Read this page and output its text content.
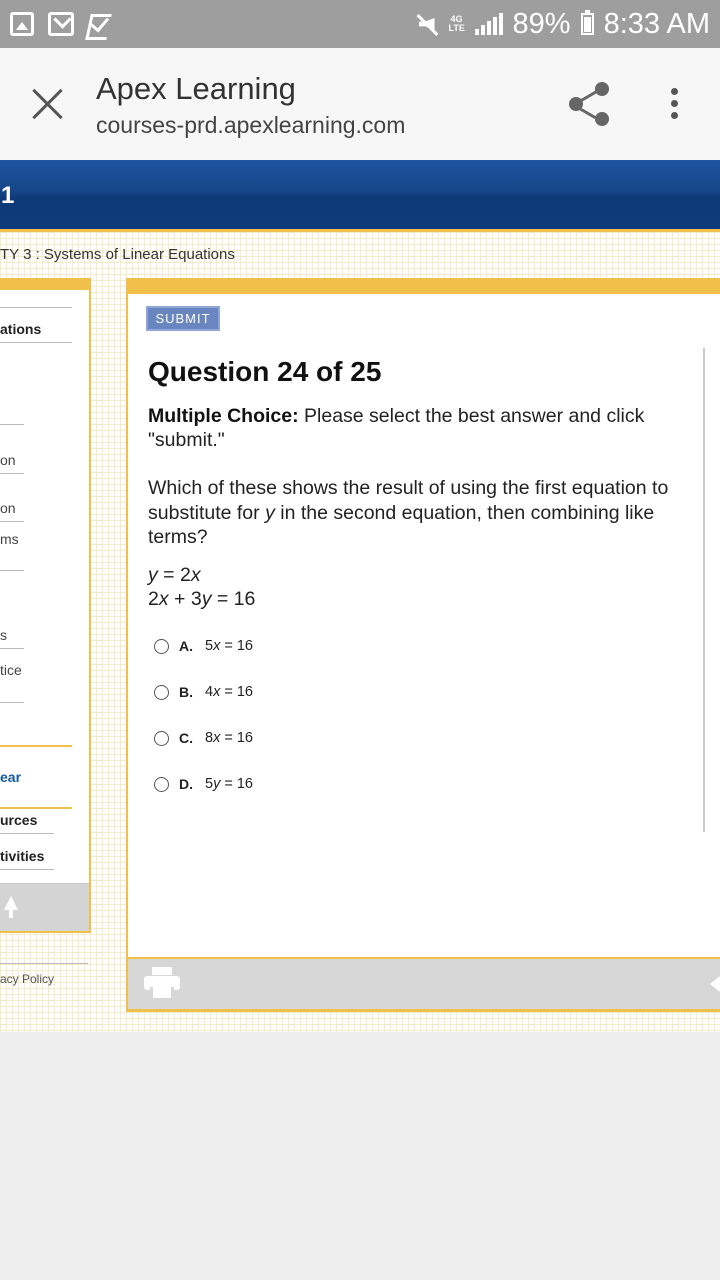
4G LTE 89% 8:33 AM
Apex Learning
courses-prd.apexlearning.com
1
TY 3 : Systems of Linear Equations
ations
on
on
ms
s
tice
ear
urces
tivities
acy Policy
SUBMIT
Question 24 of 25
Multiple Choice: Please select the best answer and click "submit."
Which of these shows the result of using the first equation to substitute for y in the second equation, then combining like terms?
y = 2x
2x + 3y = 16
A. 5x = 16
B. 4x = 16
C. 8x = 16
D. 5y = 16
